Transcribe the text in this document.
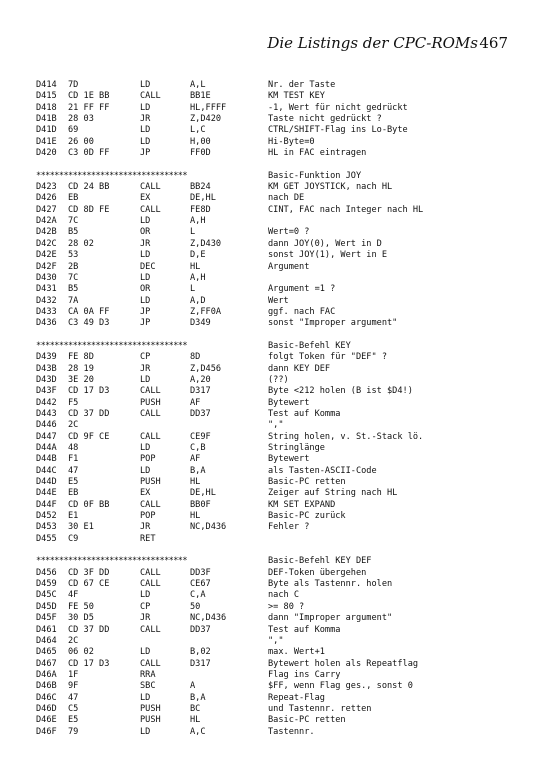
Die Listings der CPC-ROMs 467
D414 7D	LD	A,L	Nr. der Taste
D415 CD 1E BB	CALL	BB1E	KM TEST KEY
D418 21 FF FF	LD	HL,FFFF	-1, Wert für nicht gedrückt
D41B 28 03	JR	Z,D420	Taste nicht gedrückt ?
D41D 69	LD	L,C	CTRL/SHIFT-Flag ins Lo-Byte
D41E 26 00	LD	H,00	Hi-Byte=0
D420 C3 0D FF	JP	FF0D	HL in FAC eintragen
*********************************	Basic-Funktion JOY
D423 CD 24 BB	CALL	BB24	KM GET JOYSTICK, nach HL
D426 EB	EX	DE,HL	nach DE
D427 CD 8D FE	CALL	FE8D	CINT, FAC nach Integer nach HL
D42A 7C	LD	A,H
D42B B5	OR	L	Wert=0 ?
D42C 28 02	JR	Z,D430	dann JOY(0), Wert in D
D42E 53	LD	D,E	sonst JOY(1), Wert in E
D42F 2B	DEC	HL	Argument
D430 7C	LD	A,H
D431 B5	OR	L	Argument =1 ?
D432 7A	LD	A,D	Wert
D433 CA 0A FF	JP	Z,FF0A	ggf. nach FAC
D436 C3 49 D3	JP	D349	sonst "Improper argument"
*********************************	Basic-Befehl KEY
D439 FE 8D	CP	8D	folgt Token für "DEF" ?
D43B 28 19	JR	Z,D456	dann KEY DEF
D43D 3E 20	LD	A,20	(??)
D43F CD 17 D3	CALL	D317	Byte <212 holen (B ist $D4!)
D442 F5	PUSH	AF	Bytewert
D443 CD 37 DD	CALL	DD37	Test auf Komma
D446 2C	","
D447 CD 9F CE	CALL	CE9F	String holen, v. St.-Stack lö.
D44A 48	LD	C,B	Stringlänge
D44B F1	POP	AF	Bytewert
D44C 47	LD	B,A	als Tasten-ASCII-Code
D44D E5	PUSH	HL	Basic-PC retten
D44E EB	EX	DE,HL	Zeiger auf String nach HL
D44F CD 0F BB	CALL	BB0F	KM SET EXPAND
D452 E1	POP	HL	Basic-PC zurück
D453 30 E1	JR	NC,D436	Fehler ?
D455 C9	RET
*********************************	Basic-Befehl KEY DEF
D456 CD 3F DD	CALL	DD3F	DEF-Token übergehen
D459 CD 67 CE	CALL	CE67	Byte als Tastennr. holen
D45C 4F	LD	C,A	nach C
D45D FE 50	CP	50	>= 80 ?
D45F 30 D5	JR	NC,D436	dann "Improper argument"
D461 CD 37 DD	CALL	DD37	Test auf Komma
D464 2C	","
D465 06 02	LD	B,02	max. Wert+1
D467 CD 17 D3	CALL	D317	Bytewert holen als Repeatflag
D46A 1F	RRA	Flag ins Carry
D46B 9F	SBC	A	$FF, wenn Flag ges., sonst 0
D46C 47	LD	B,A	Repeat-Flag
D46D C5	PUSH	BC	und Tastennr. retten
D46E E5	PUSH	HL	Basic-PC retten
D46F 79	LD	A,C	Tastennr.
